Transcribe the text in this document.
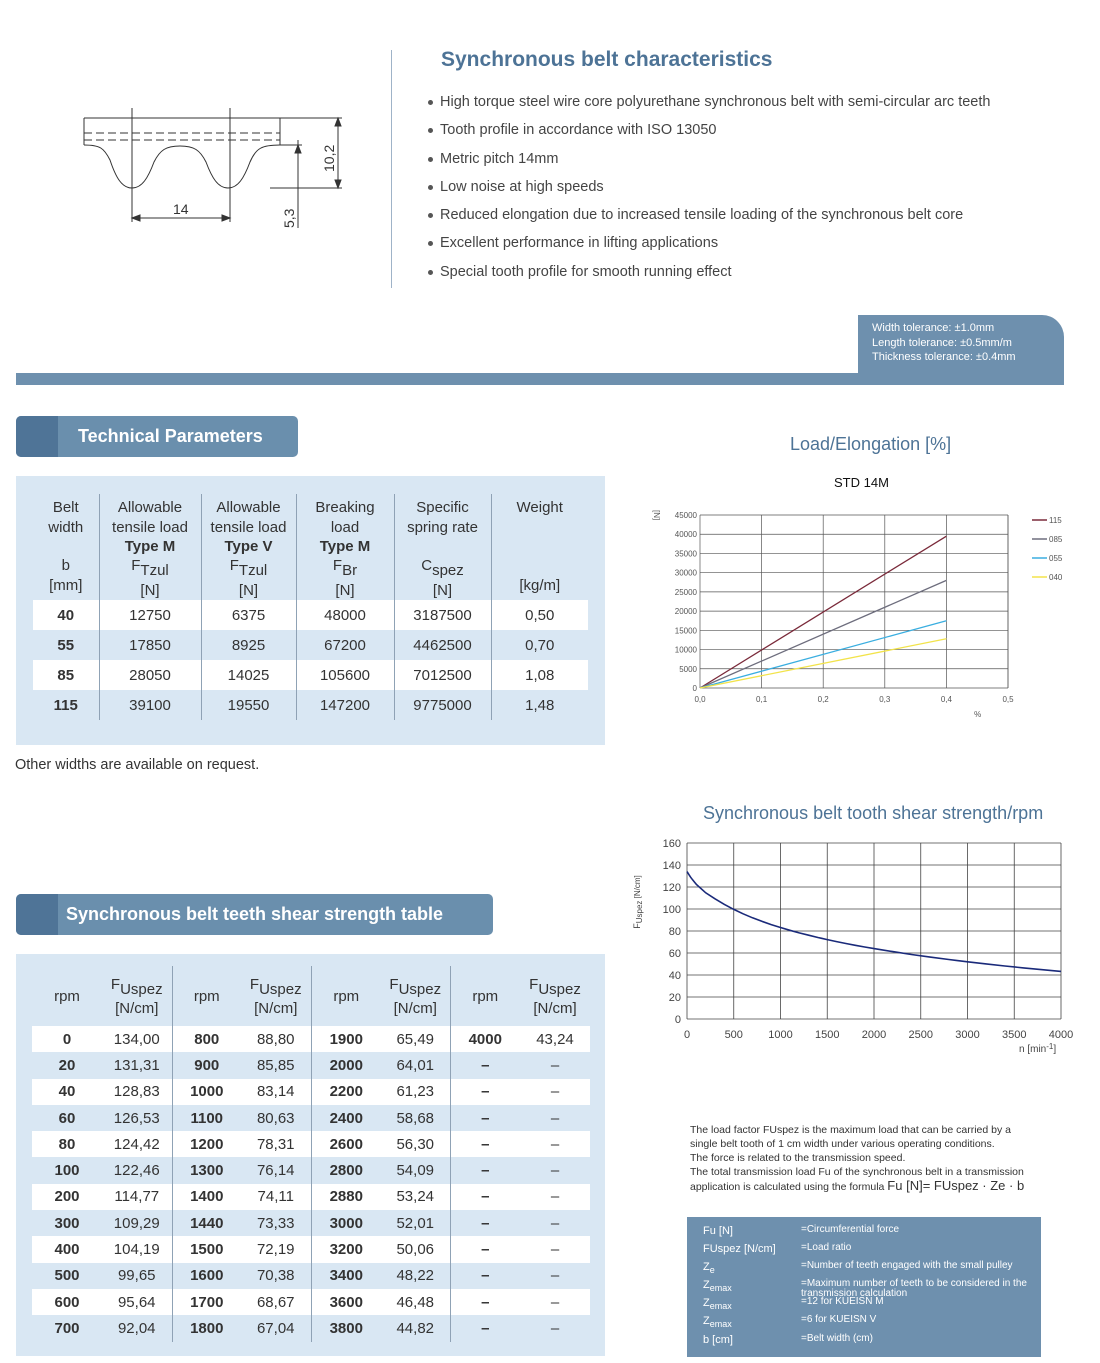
14
10,2
5,3
Synchronous belt characteristics
High torque steel wire core polyurethane synchronous belt with semi-circular arc teeth
Tooth profile in accordance with ISO 13050
Metric pitch 14mm
Low noise at high speeds
Reduced elongation due to increased tensile loading of the synchronous belt core
Excellent performance in lifting applications
Special tooth profile for smooth running effect
Width tolerance: ±1.0mm
Length tolerance: ±0.5mm/m
Thickness tolerance: ±0.4mm
Technical Parameters
Belt
width
b
[mm]	Allowable
tensile load
Type M
$F_{Tzul}$
[N]	Allowable
tensile load
Type V
$F_{Tzul}$
[N]	Breaking
load
Type M
$F_{Br}$
[N]	Specific
spring rate
$C_{spez}$
[N]	Weight

[kg/m]

40	12750	6375	48000	3187500	0,50
55	17850	8925	67200	4462500	0,70
85	28050	14025	105600	7012500	1,08
115	39100	19550	147200	9775000	1,48
Other widths are available on request.
Load/Elongation [%]
STD 14M
[N]
0
5000
10000
15000
20000
25000
30000
35000
40000
45000
0,0	0,1	0,2	0,3	0,4	0,5
%
115
085
055
040
Synchronous belt tooth shear strength/rpm
0
20
40
60
80
100
120
140
160
0	500 1000 1500 2000 2500 3000 3500 4000
FUspez [N/cm]
n $[\min^{-1}]$
Synchronous belt teeth shear strength table
rpm	$F_{Uspez}$
[N/cm]	rpm	$F_{Uspez}$
[N/cm]	rpm	$F_{Uspez}$
[N/cm]	rpm	$F_{Uspez}$
[N/cm]
0	134,00	800	88,80	1900	65,49	4000	43,24
20	131,31	900	85,85	2000	64,01	–	–
40	128,83	1000	83,14	2200	61,23	–	–
60	126,53	1100	80,63	2400	58,68	–	–
80	124,42	1200	78,31	2600	56,30	–	–
100	122,46	1300	76,14	2800	54,09	–	–
200	114,77	1400	74,11	2880	53,24	–	–
300	109,29	1440	73,33	3000	52,01	–	–
400	104,19	1500	72,19	3200	50,06	–	–
500	99,65	1600	70,38	3400	48,22	–	–
600	95,64	1700	68,67	3600	46,48	–	–
700	92,04	1800	67,04	3800	44,82	–	–
The load factor FUspez is the maximum load that can be carried by a
single belt tooth of 1 cm width under various operating conditions.
The force is related to the transmission speed.
The total transmission load Fu of the synchronous belt in a transmission
application is calculated using the formula Fu [N]= FUspez · Ze · b
Fu [N]	=Circumferential force
FUspez [N/cm]	=Load ratio
$Z_e$	=Number of teeth engaged with the small pulley
$Z_{emax}$	=Maximum number of teeth to be considered in the transmission calculation
$Z_{emax}$	=12 for KUEISN M
$Z_{emax}$	=6 for KUEISN V
b [cm]	=Belt width (cm)
